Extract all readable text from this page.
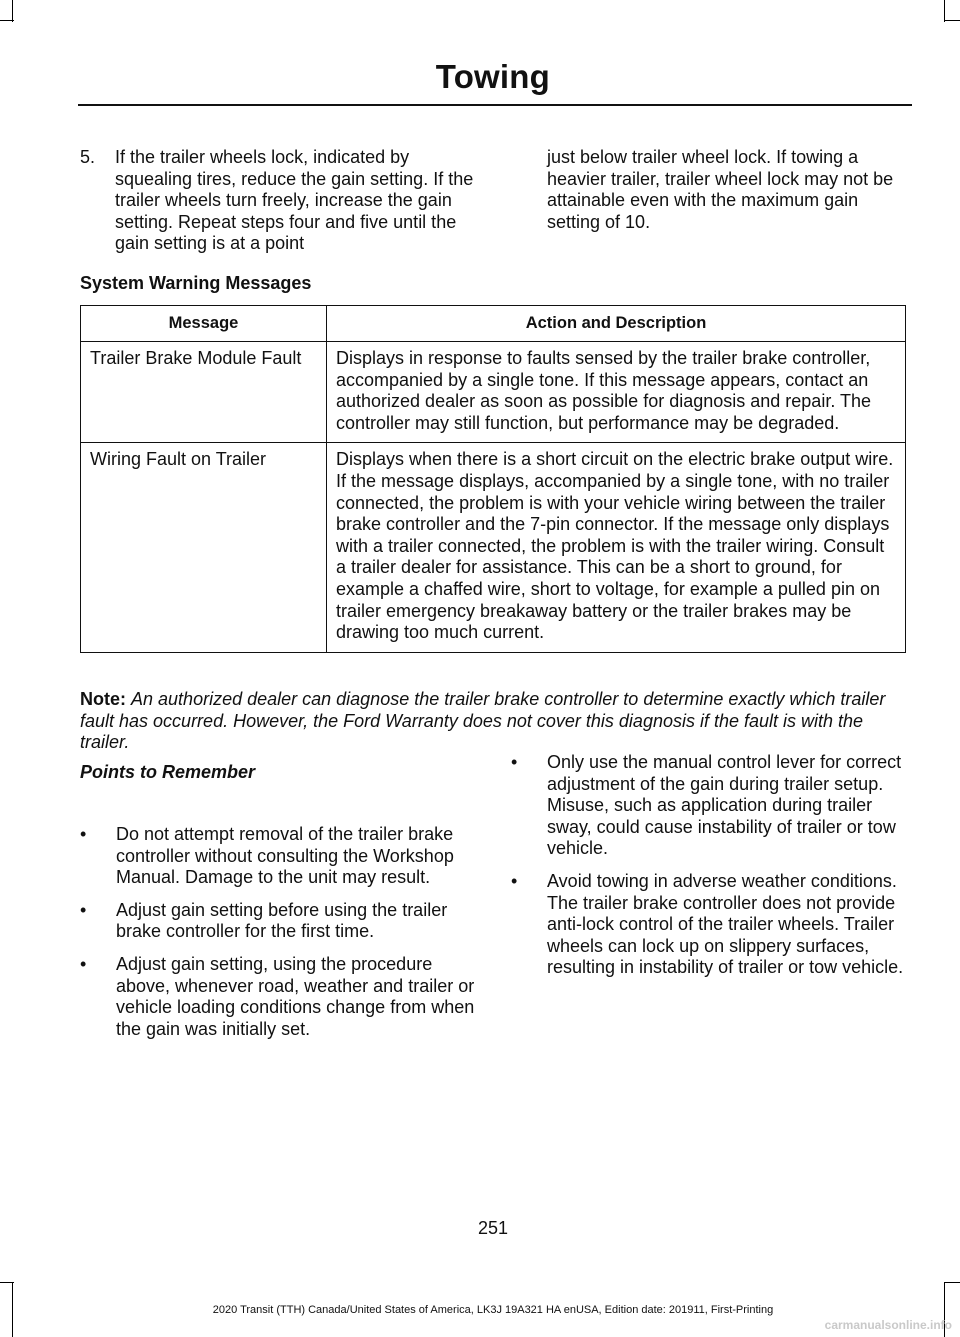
Towing
5. If the trailer wheels lock, indicated by squealing tires, reduce the gain setting. If the trailer wheels turn freely, increase the gain setting. Repeat steps four and five until the gain setting is at a point
just below trailer wheel lock. If towing a heavier trailer, trailer wheel lock may not be attainable even with the maximum gain setting of 10.
System Warning Messages
Message	Action and Description
Trailer Brake Module Fault	Displays in response to faults sensed by the trailer brake controller, accompanied by a single tone. If this message appears, contact an authorized dealer as soon as possible for diagnosis and repair. The controller may still function, but performance may be degraded.
Wiring Fault on Trailer	Displays when there is a short circuit on the electric brake output wire. If the message displays, accompanied by a single tone, with no trailer connected, the problem is with your vehicle wiring between the trailer brake controller and the 7-pin connector. If the message only displays with a trailer connected, the problem is with the trailer wiring. Consult a trailer dealer for assistance. This can be a short to ground, for example a chaffed wire, short to voltage, for example a pulled pin on trailer emergency breakaway battery or the trailer brakes may be drawing too much current.
Note: An authorized dealer can diagnose the trailer brake controller to determine exactly which trailer fault has occurred. However, the Ford Warranty does not cover this diagnosis if the fault is with the trailer.
Points to Remember
• Do not attempt removal of the trailer brake controller without consulting the Workshop Manual. Damage to the unit may result.
• Adjust gain setting before using the trailer brake controller for the first time.
• Adjust gain setting, using the procedure above, whenever road, weather and trailer or vehicle loading conditions change from when the gain was initially set.
• Only use the manual control lever for correct adjustment of the gain during trailer setup. Misuse, such as application during trailer sway, could cause instability of trailer or tow vehicle.
• Avoid towing in adverse weather conditions. The trailer brake controller does not provide anti-lock control of the trailer wheels. Trailer wheels can lock up on slippery surfaces, resulting in instability of trailer or tow vehicle.
251
2020 Transit (TTH) Canada/United States of America, LK3J 19A321 HA enUSA, Edition date: 201911, First-Printing
carmanualsonline.info
